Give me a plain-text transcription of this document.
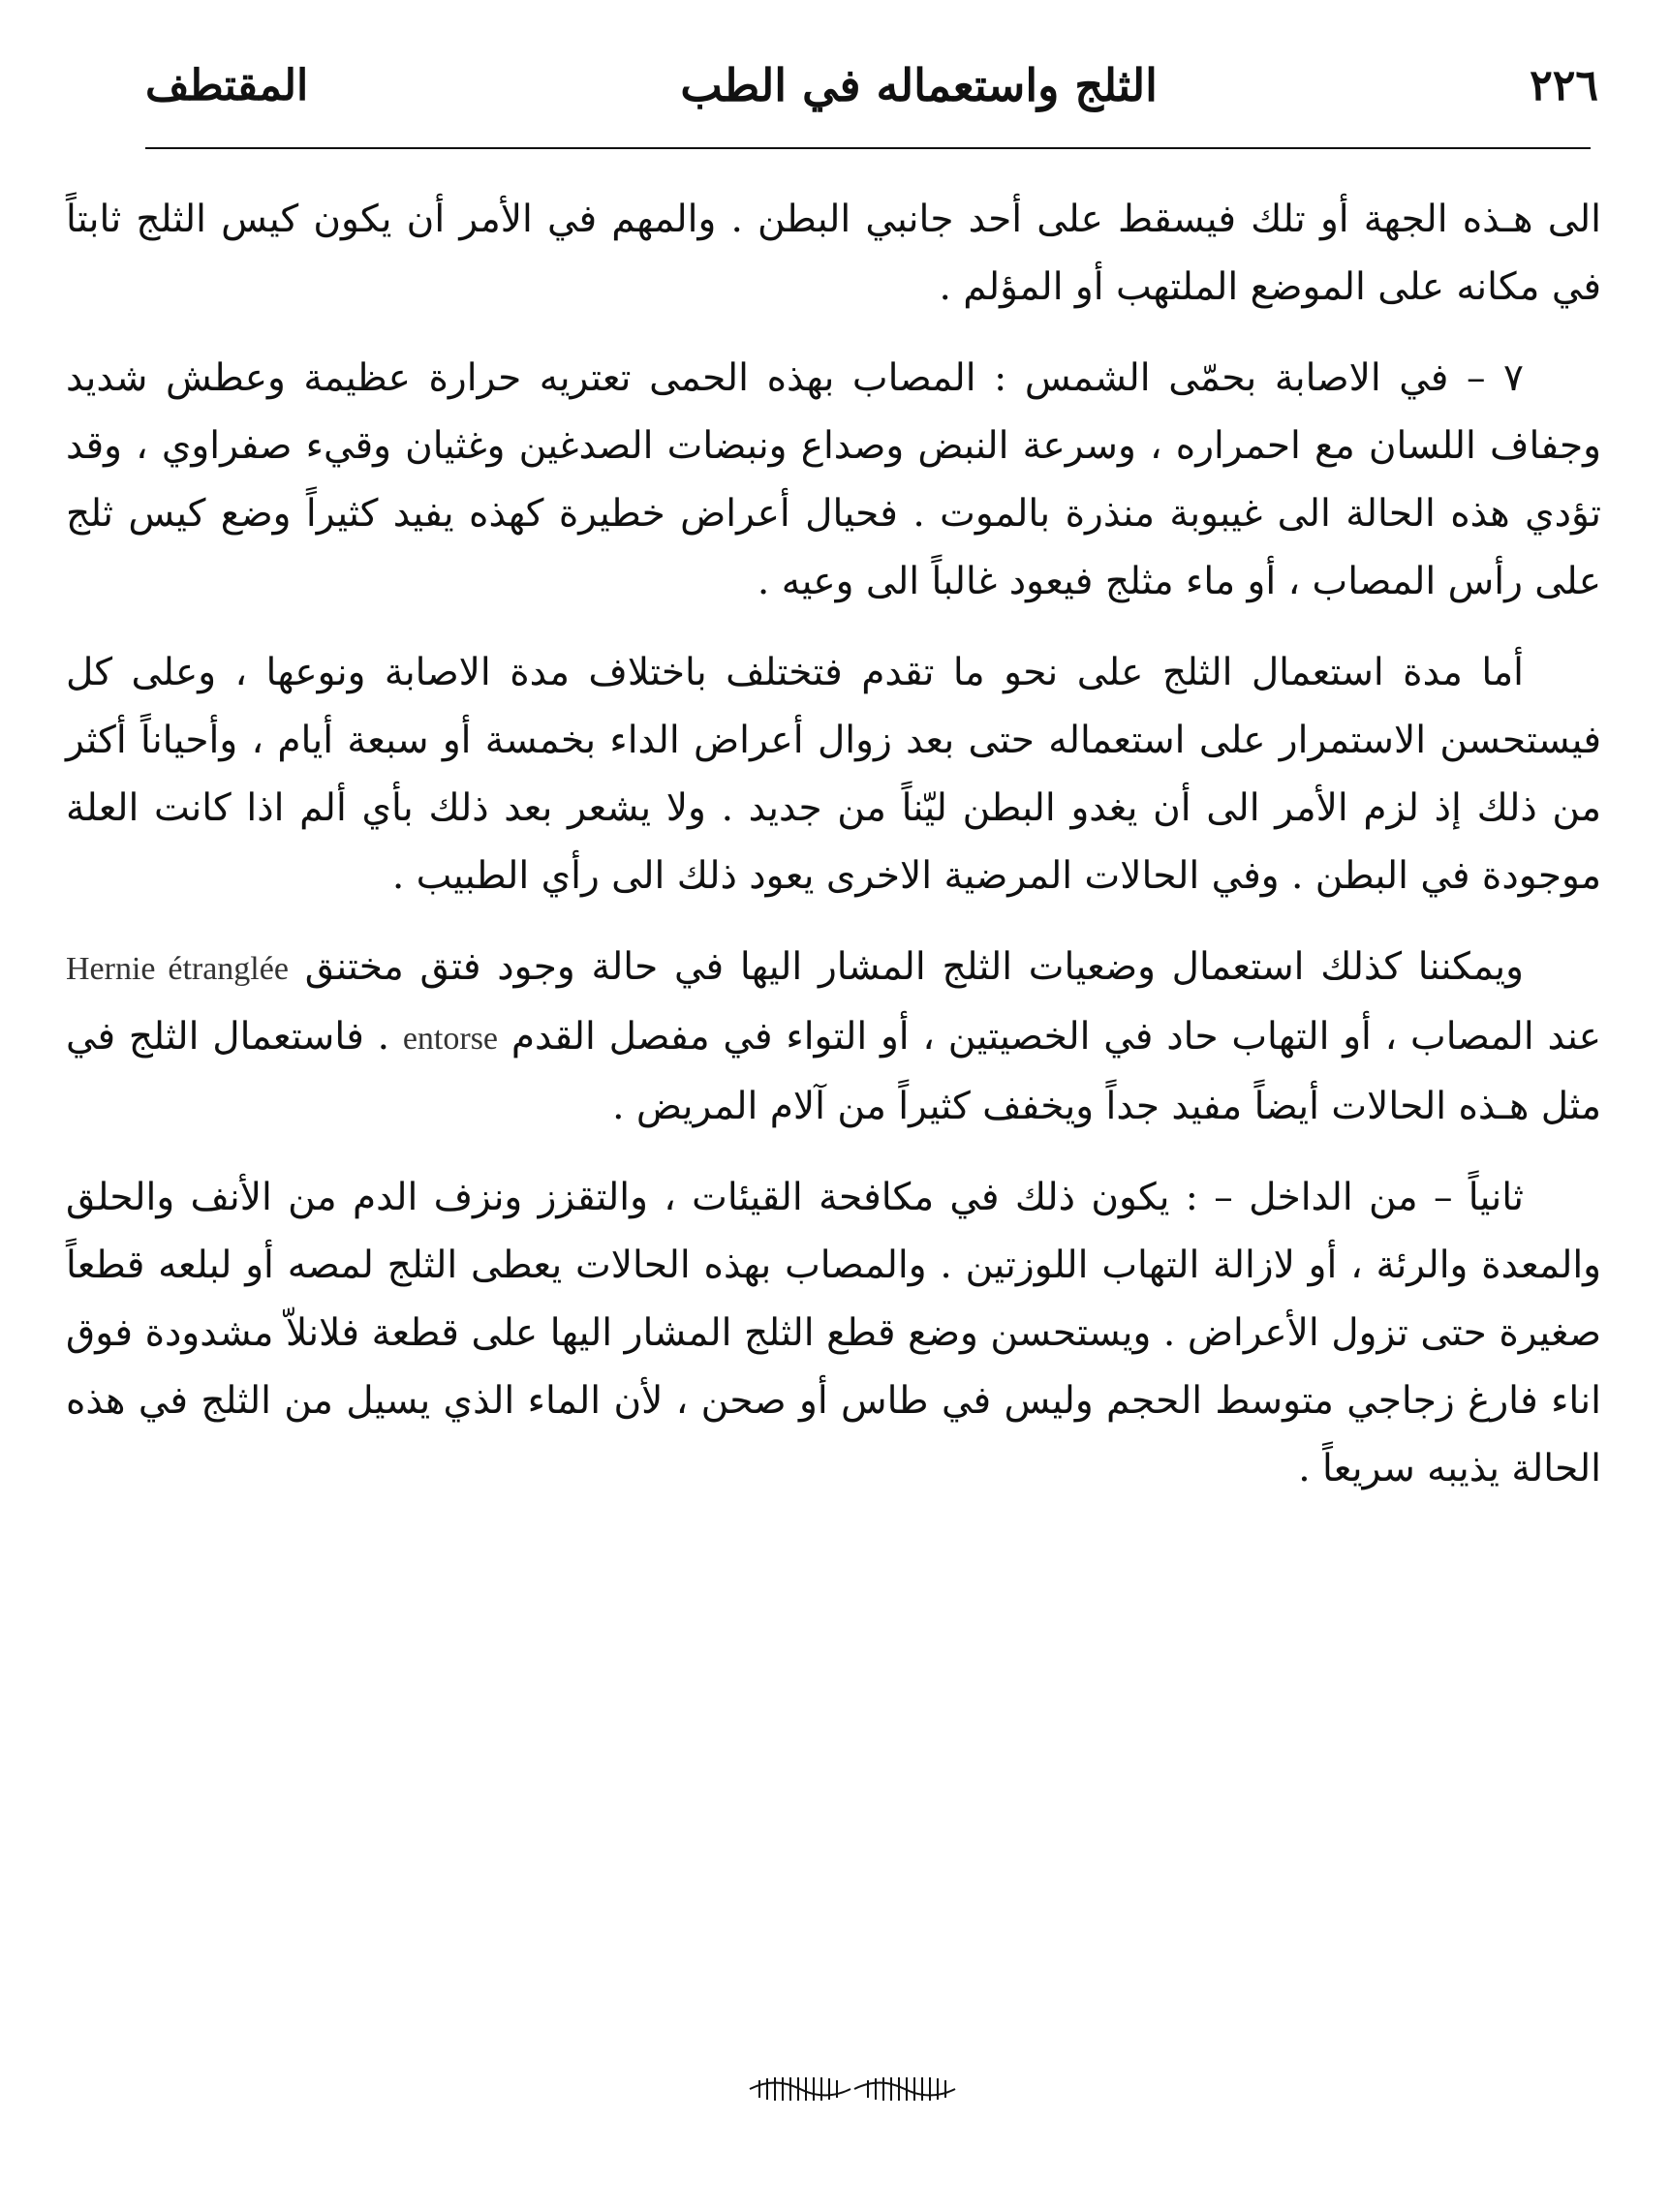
٢٢٦
الثلج واستعماله في الطب
المقتطف

الى هـذه الجهة أو تلك فيسقط على أحد جانبي البطن . والمهم في الأمر أن يكون كيس الثلج ثابتاً في مكانه على الموضع الملتهب أو المؤلم .

٧ – في الاصابة بحمّى الشمس : المصاب بهذه الحمى تعتريه حرارة عظيمة وعطش شديد وجفاف اللسان مع احمراره ، وسرعة النبض وصداع ونبضات الصدغين وغثيان وقيء صفراوي ، وقد تؤدي هذه الحالة الى غيبوبة منذرة بالموت . فحيال أعراض خطيرة كهذه يفيد كثيراً وضع كيس ثلج على رأس المصاب ، أو ماء مثلج فيعود غالباً الى وعيه .

أما مدة استعمال الثلج على نحو ما تقدم فتختلف باختلاف مدة الاصابة ونوعها ، وعلى كل فيستحسن الاستمرار على استعماله حتى بعد زوال أعراض الداء بخمسة أو سبعة أيام ، وأحياناً أكثر من ذلك إذ لزم الأمر الى أن يغدو البطن ليّناً من جديد . ولا يشعر بعد ذلك بأي ألم اذا كانت العلة موجودة في البطن . وفي الحالات المرضية الاخرى يعود ذلك الى رأي الطبيب .

ويمكننا كذلك استعمال وضعيات الثلج المشار اليها في حالة وجود فتق مختنق Hernie étranglée عند المصاب ، أو التهاب حاد في الخصيتين ، أو التواء في مفصل القدم entorse . فاستعمال الثلج في مثل هـذه الحالات أيضاً مفيد جداً ويخفف كثيراً من آلام المريض .

ثانياً – من الداخل – : يكون ذلك في مكافحة القيئات ، والتقزز ونزف الدم من الأنف والحلق والمعدة والرئة ، أو لازالة التهاب اللوزتين . والمصاب بهذه الحالات يعطى الثلج لمصه أو لبلعه قطعاً صغيرة حتى تزول الأعراض . ويستحسن وضع قطع الثلج المشار اليها على قطعة فلانلاّ مشدودة فوق اناء فارغ زجاجي متوسط الحجم وليس في طاس أو صحن ، لأن الماء الذي يسيل من الثلج في هذه الحالة يذيبه سريعاً .
